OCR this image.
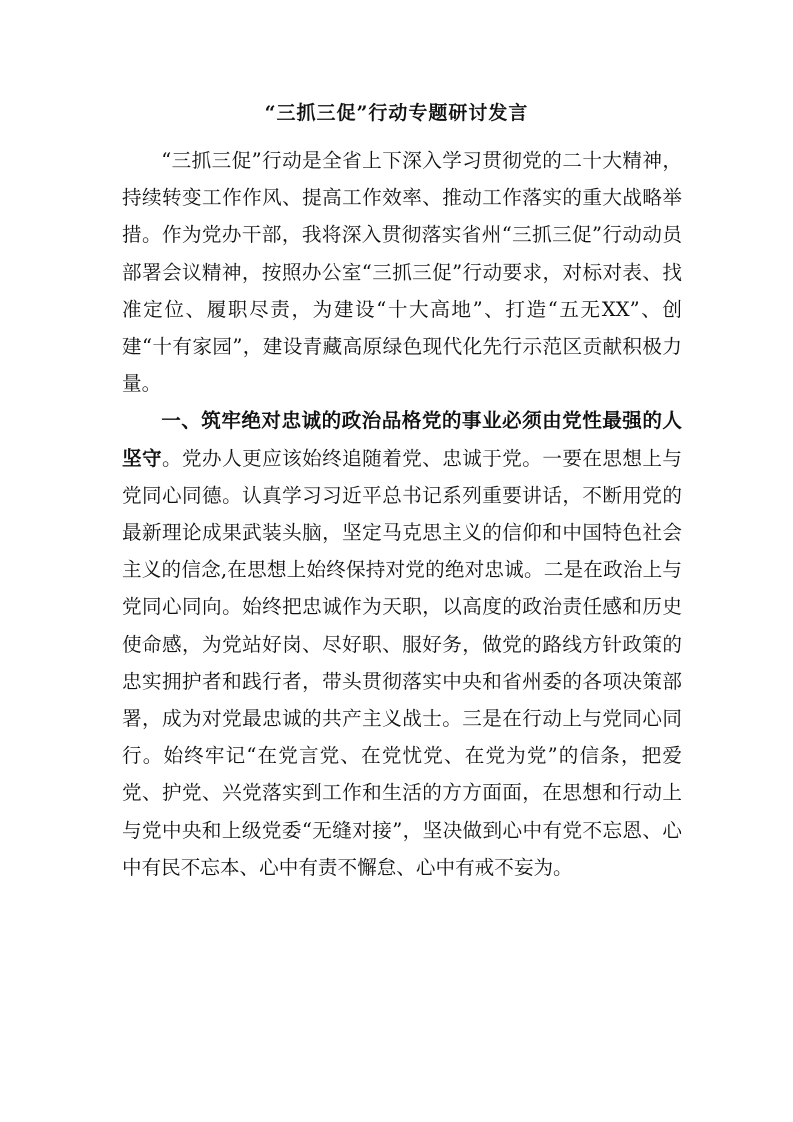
“三抓三促”行动专题研讨发言

“三抓三促”行动是全省上下深入学习贯彻党的二十大精神，持续转变工作作风、提高工作效率、推动工作落实的重大战略举措。作为党办干部，我将深入贯彻落实省州“三抓三促”行动动员部署会议精神，按照办公室“三抓三促”行动要求，对标对表、找准定位、履职尽责，为建设“十大高地”、打造“五无XX”、创建“十有家园”，建设青藏高原绿色现代化先行示范区贡献积极力量。

一、筑牢绝对忠诚的政治品格党的事业必须由党性最强的人坚守。党办人更应该始终追随着党、忠诚于党。一要在思想上与党同心同德。认真学习习近平总书记系列重要讲话，不断用党的最新理论成果武装头脑，坚定马克思主义的信仰和中国特色社会主义的信念,在思想上始终保持对党的绝对忠诚。二是在政治上与党同心同向。始终把忠诚作为天职，以高度的政治责任感和历史使命感，为党站好岗、尽好职、服好务，做党的路线方针政策的忠实拥护者和践行者，带头贯彻落实中央和省州委的各项决策部署，成为对党最忠诚的共产主义战士。三是在行动上与党同心同行。始终牢记“在党言党、在党忧党、在党为党”的信条，把爱党、护党、兴党落实到工作和生活的方方面面，在思想和行动上与党中央和上级党委“无缝对接”，坚决做到心中有党不忘恩、心中有民不忘本、心中有责不懈怠、心中有戒不妄为。
